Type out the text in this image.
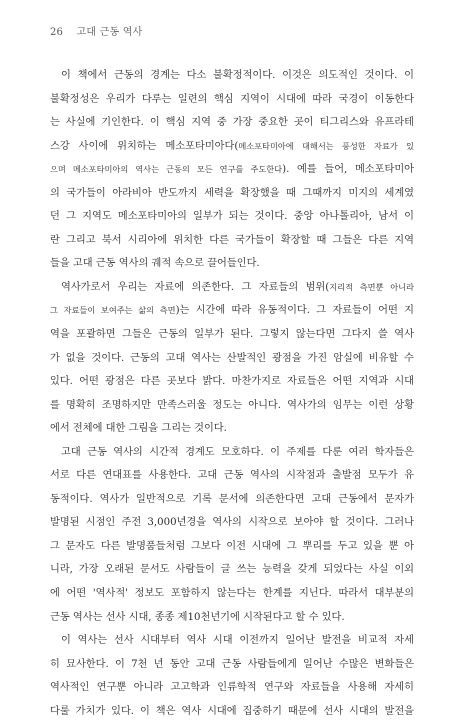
26 고대 근동 역사
이 책에서 근동의 경계는 다소 불확정적이다. 이것은 의도적인 것이다. 이
불확정성은 우리가 다루는 일련의 핵심 지역이 시대에 따라 국경이 이동한다
는 사실에 기인한다. 이 핵심 지역 중 가장 중요한 곳이 티그리스와 유프라테
스강 사이에 위치하는 메소포타미아다(메소포타미아에 대해서는 풍성한 자료가 있
으며 메소포타미아의 역사는 근동의 모든 연구를 주도한다). 예를 들어, 메소포타미아
의 국가들이 아라비아 반도까지 세력을 확장했을 때 그때까지 미지의 세계였
던 그 지역도 메소포타미아의 일부가 되는 것이다. 중앙 아나톨리아, 남서 이
란 그리고 북서 시리아에 위치한 다른 국가들이 확장할 때 그들은 다른 지역
들을 고대 근동 역사의 궤적 속으로 끌어들인다.
역사가로서 우리는 자료에 의존한다. 그 자료들의 범위(지리적 측면뿐 아니라
그 자료들이 보여주는 삶의 측면)는 시간에 따라 유동적이다. 그 자료들이 어떤 지
역을 포괄하면 그들은 근동의 일부가 된다. 그렇지 않는다면 그다지 쓸 역사
가 없을 것이다. 근동의 고대 역사는 산발적인 광점을 가진 암실에 비유할 수
있다. 어떤 광점은 다른 곳보다 밝다. 마찬가지로 자료들은 어떤 지역과 시대
를 명확히 조명하지만 만족스러울 정도는 아니다. 역사가의 임무는 이런 상황
에서 전체에 대한 그림을 그리는 것이다.
고대 근동 역사의 시간적 경계도 모호하다. 이 주제를 다룬 여러 학자들은
서로 다른 연대표를 사용한다. 고대 근동 역사의 시작점과 출발점 모두가 유
동적이다. 역사가 일반적으로 기록 문서에 의존한다면 고대 근동에서 문자가
발명된 시점인 주전 3,000년경을 역사의 시작으로 보아야 할 것이다. 그러나
그 문자도 다른 발명품들처럼 그보다 이전 시대에 그 뿌리를 두고 있을 뿐 아
니라, 가장 오래된 문서도 사람들이 글 쓰는 능력을 갖게 되었다는 사실 이외
에 어떤 '역사적' 정보도 포함하지 않는다는 한계를 지닌다. 따라서 대부분의
근동 역사는 선사 시대, 종종 제10천년기에 시작된다고 할 수 있다.
이 역사는 선사 시대부터 역사 시대 이전까지 일어난 발전을 비교적 자세
히 묘사한다. 이 7천 년 동안 고대 근동 사람들에게 일어난 수많은 변화들은
역사적인 연구뿐 아니라 고고학과 인류학적 연구와 자료들을 사용해 자세히
다룰 가치가 있다. 이 책은 역사 시대에 집중하기 때문에 선사 시대의 발전을
